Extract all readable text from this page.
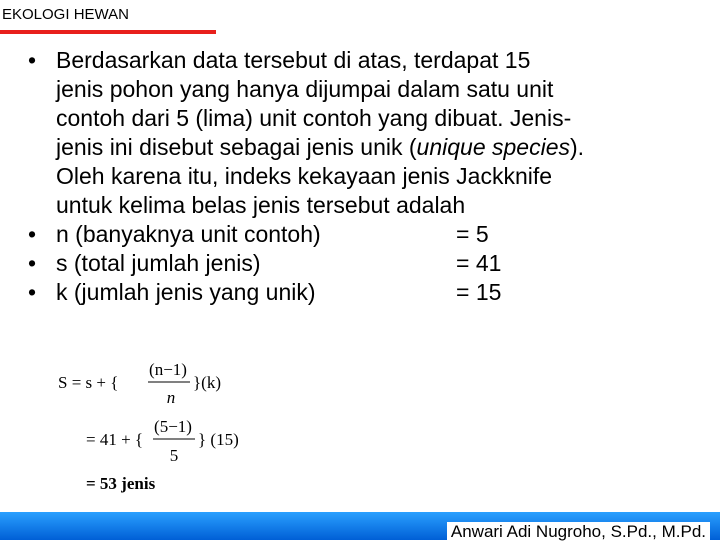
EKOLOGI HEWAN
• Berdasarkan data tersebut di atas, terdapat 15
jenis pohon yang hanya dijumpai dalam satu unit
contoh dari 5 (lima) unit contoh yang dibuat. Jenis-
jenis ini disebut sebagai jenis unik (unique species).
Oleh karena itu, indeks kekayaan jenis Jackknife
untuk kelima belas jenis tersebut adalah
• n (banyaknya unit contoh)	= 5
• s (total jumlah jenis)	= 41
• k (jumlah jenis yang unik)	= 15
S = s + {
(n−1)
n
}(k)
= 41 + {
(5−1)
5
} (15)
= 53 jenis
Anwari Adi Nugroho, S.Pd., M.Pd.
